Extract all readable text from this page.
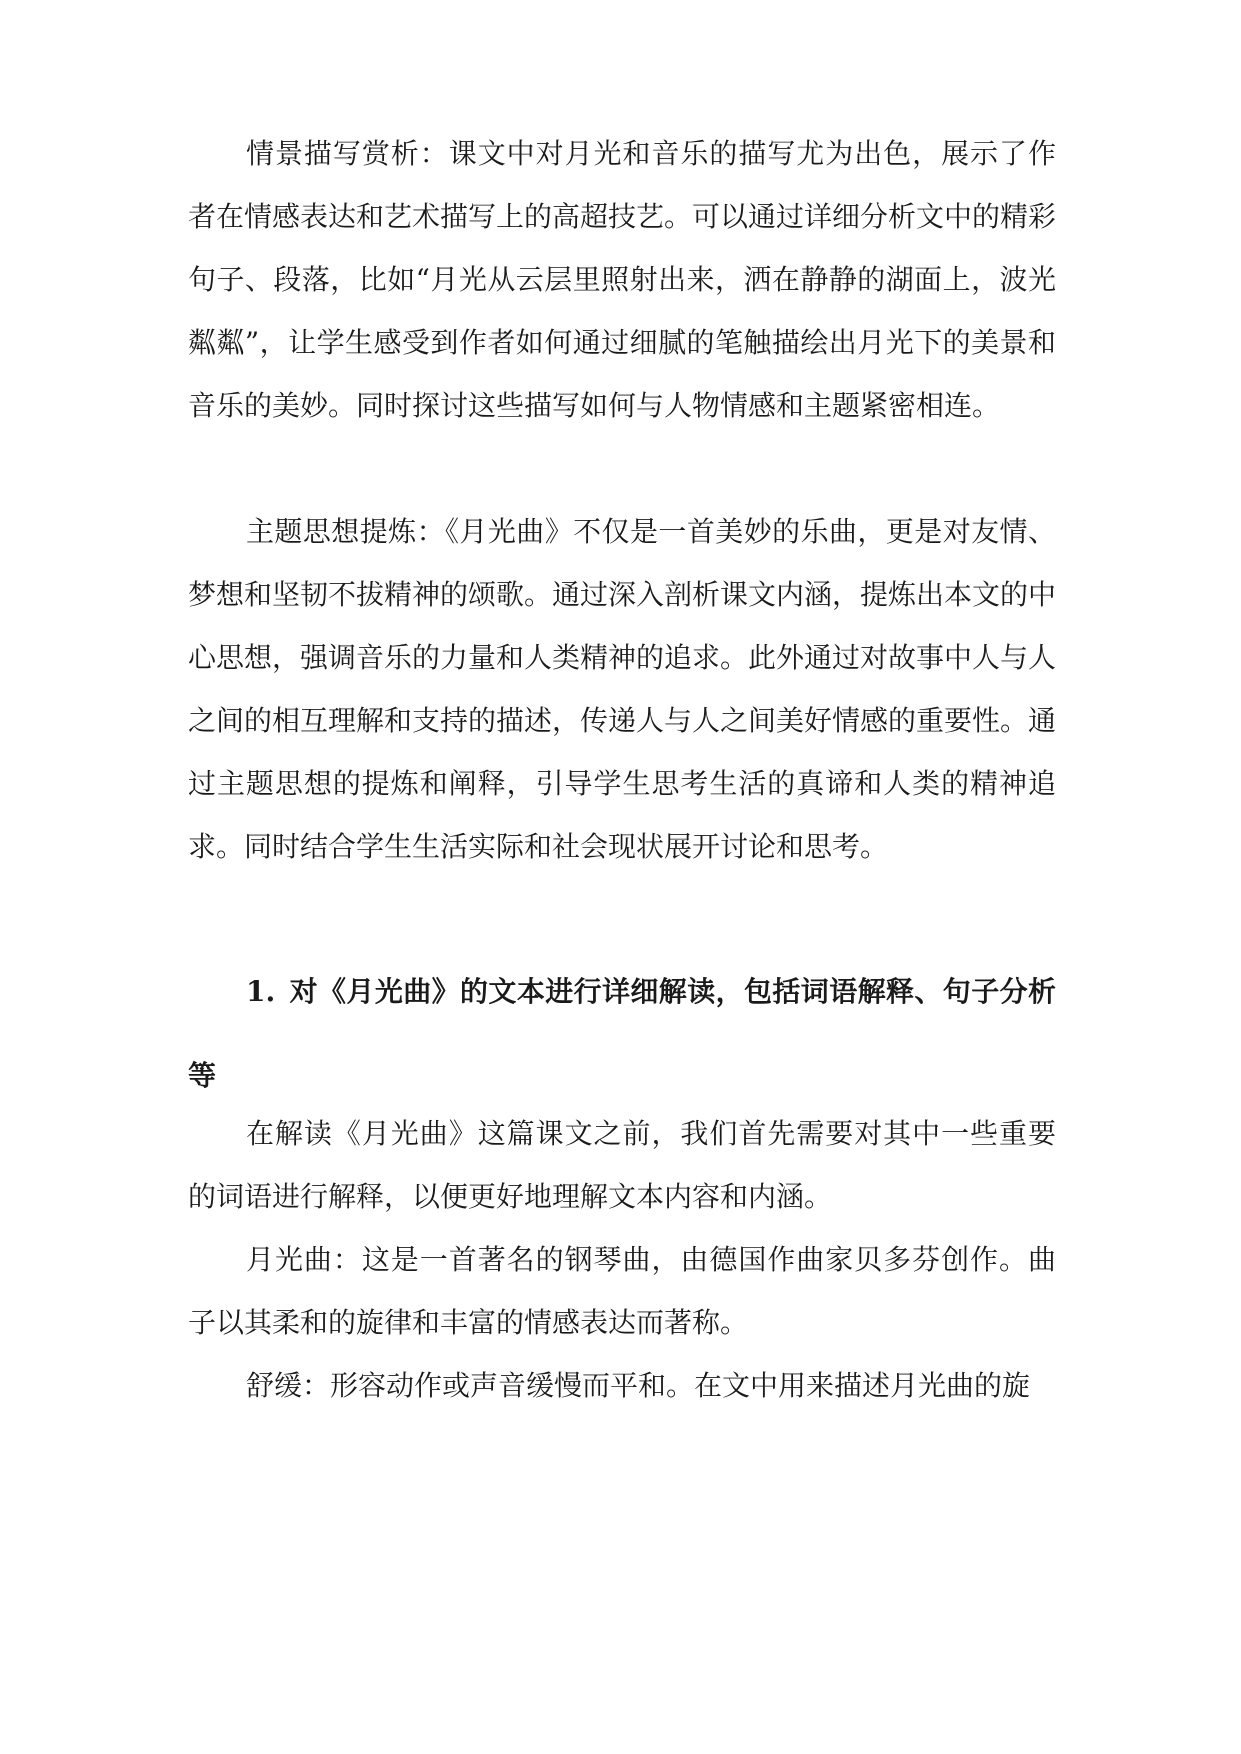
情景描写赏析：课文中对月光和音乐的描写尤为出色，展示了作者在情感表达和艺术描写上的高超技艺。可以通过详细分析文中的精彩句子、段落，比如“月光从云层里照射出来，洒在静静的湖面上，波光粼粼”，让学生感受到作者如何通过细腻的笔触描绘出月光下的美景和音乐的美妙。同时探讨这些描写如何与人物情感和主题紧密相连。

主题思想提炼：《月光曲》不仅是一首美妙的乐曲，更是对友情、梦想和坚韧不拔精神的颂歌。通过深入剖析课文内涵，提炼出本文的中心思想，强调音乐的力量和人类精神的追求。此外通过对故事中人与人之间的相互理解和支持的描述，传递人与人之间美好情感的重要性。通过主题思想的提炼和阐释，引导学生思考生活的真谛和人类的精神追求。同时结合学生生活实际和社会现状展开讨论和思考。

1. 对《月光曲》的文本进行详细解读，包括词语解释、句子分析等

在解读《月光曲》这篇课文之前，我们首先需要对其中一些重要的词语进行解释，以便更好地理解文本内容和内涵。

月光曲：这是一首著名的钢琴曲，由德国作曲家贝多芬创作。曲子以其柔和的旋律和丰富的情感表达而著称。

舒缓：形容动作或声音缓慢而平和。在文中用来描述月光曲的旋
